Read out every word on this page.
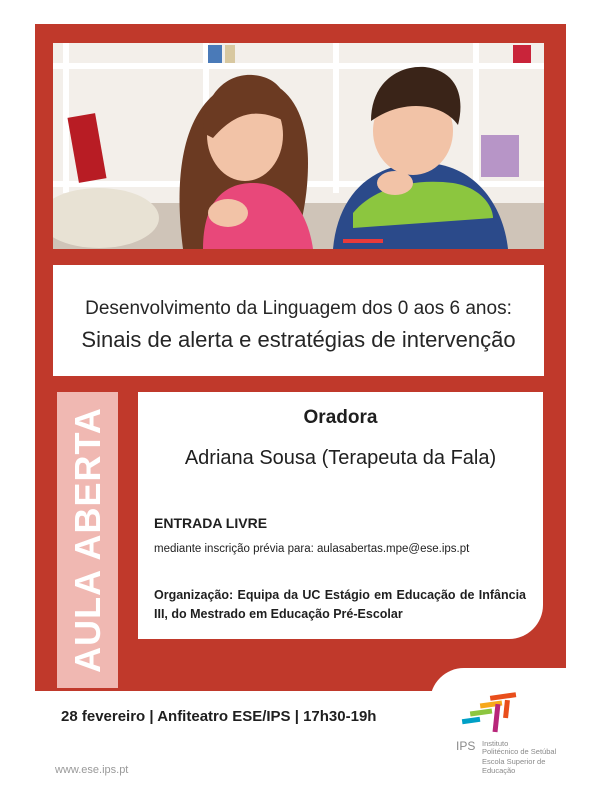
Desenvolvimento da Linguagem dos 0 aos 6 anos:
Sinais de alerta e estratégias de intervenção
AULA ABERTA	Oradora
Adriana Sousa (Terapeuta da Fala)
ENTRADA LIVRE
mediante inscrição prévia para: aulasabertas.mpe@ese.ips.pt
Organização: Equipa da UC Estágio em Educação de Infância III, do Mestrado em Educação Pré-Escolar
28 fevereiro | Anfiteatro ESE/IPS | 17h30-19h
www.ese.ips.pt
IPS Instituto
Politécnico de Setúbal
Escola Superior de
Educação
